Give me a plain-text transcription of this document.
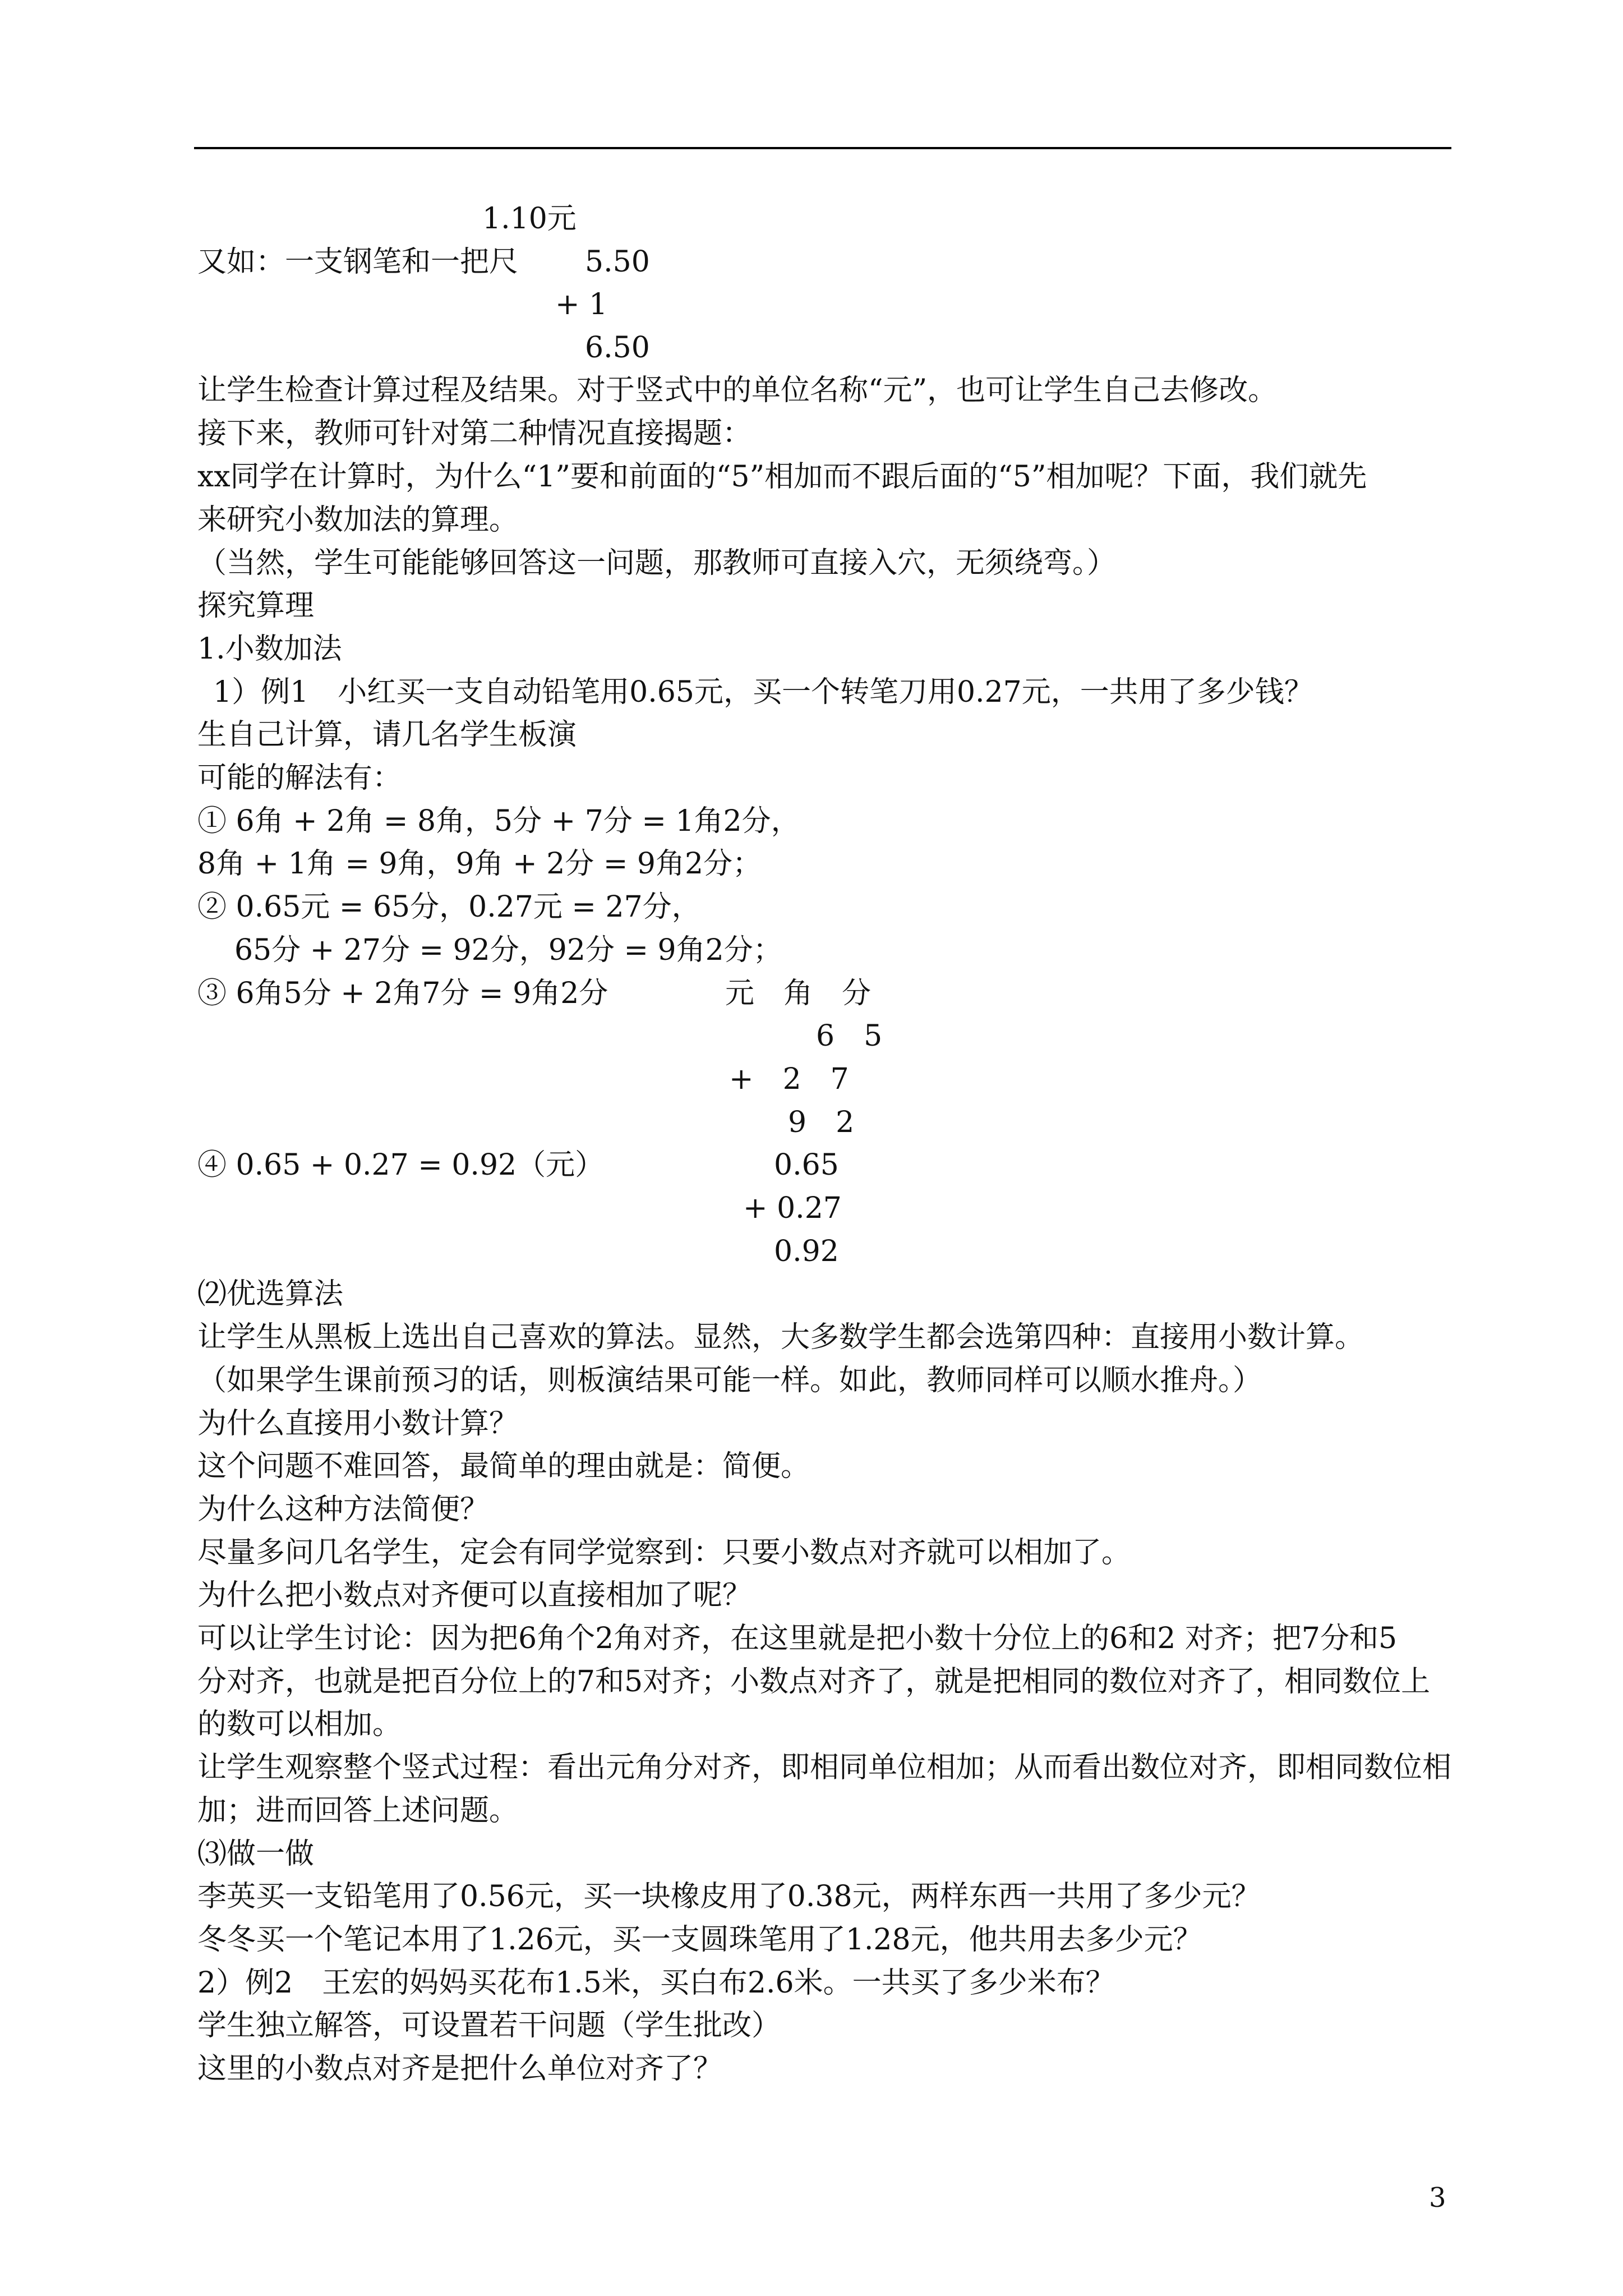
1.10元
又如：一支钢笔和一把尺 5.50
+ 1
6.50
让学生检查计算过程及结果。对于竖式中的单位名称“元”，也可让学生自己去修改。
接下来，教师可针对第二种情况直接揭题：
xx同学在计算时，为什么“1”要和前面的“5”相加而不跟后面的“5”相加呢？下面，我们就先
来研究小数加法的算理。
（当然，学生可能能够回答这一问题，那教师可直接入穴，无须绕弯。）
探究算理
1.小数加法
1）例1　小红买一支自动铅笔用0.65元，买一个转笔刀用0.27元，一共用了多少钱？
生自己计算，请几名学生板演
可能的解法有：
① 6角 + 2角 = 8角，5分 + 7分 = 1角2分，
8角 + 1角 = 9角，9角 + 2分 = 9角2分；
② 0.65元 = 65分，0.27元 = 27分，
65分 + 27分 = 92分，92分 = 9角2分；
③ 6角5分 + 2角7分 = 9角2分	元　角　分
6　5
+　2　7
9　2
④ 0.65 + 0.27 = 0.92（元）	0.65
+ 0.27
0.92
⑵优选算法
让学生从黑板上选出自己喜欢的算法。显然，大多数学生都会选第四种：直接用小数计算。
（如果学生课前预习的话，则板演结果可能一样。如此，教师同样可以顺水推舟。）
为什么直接用小数计算？
这个问题不难回答，最简单的理由就是：简便。
为什么这种方法简便？
尽量多问几名学生，定会有同学觉察到：只要小数点对齐就可以相加了。
为什么把小数点对齐便可以直接相加了呢？
可以让学生讨论：因为把6角个2角对齐，在这里就是把小数十分位上的6和2 对齐；把7分和5
分对齐，也就是把百分位上的7和5对齐；小数点对齐了，就是把相同的数位对齐了，相同数位上
的数可以相加。
让学生观察整个竖式过程：看出元角分对齐，即相同单位相加；从而看出数位对齐，即相同数位相
加；进而回答上述问题。
⑶做一做
李英买一支铅笔用了0.56元，买一块橡皮用了0.38元，两样东西一共用了多少元？
冬冬买一个笔记本用了1.26元，买一支圆珠笔用了1.28元，他共用去多少元？
2）例2　王宏的妈妈买花布1.5米，买白布2.6米。一共买了多少米布？
学生独立解答，可设置若干问题（学生批改）
这里的小数点对齐是把什么单位对齐了？
3
